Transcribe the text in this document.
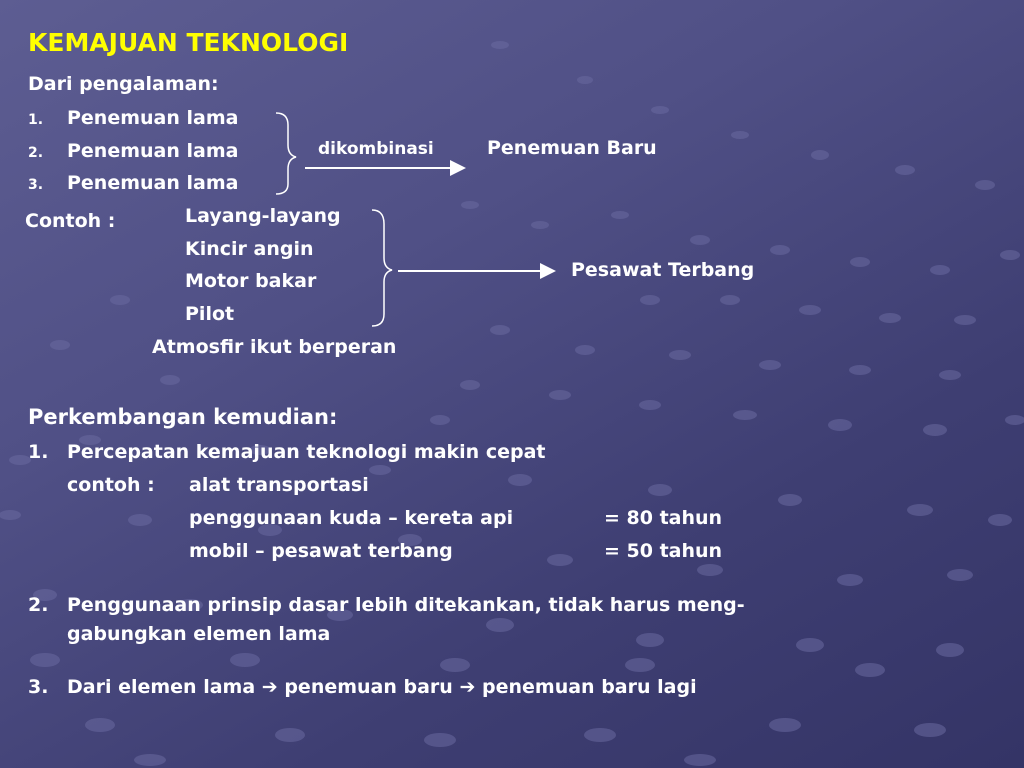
KEMAJUAN TEKNOLOGI
Dari pengalaman:
1. Penemuan lama
2. Penemuan lama
3. Penemuan lama
dikombinasi	Penemuan Baru
Contoh :	Layang-layang
Kincir angin
Motor bakar
Pilot
Pesawat Terbang
Atmosfir ikut berperan
Perkembangan kemudian:
1. Percepatan kemajuan teknologi makin cepat
contoh : alat transportasi
penggunaan kuda – kereta api	= 80 tahun
mobil – pesawat terbang	= 50 tahun
2. Penggunaan prinsip dasar lebih ditekankan, tidak harus meng-
gabungkan elemen lama
3. Dari elemen lama ➔ penemuan baru ➔ penemuan baru lagi
